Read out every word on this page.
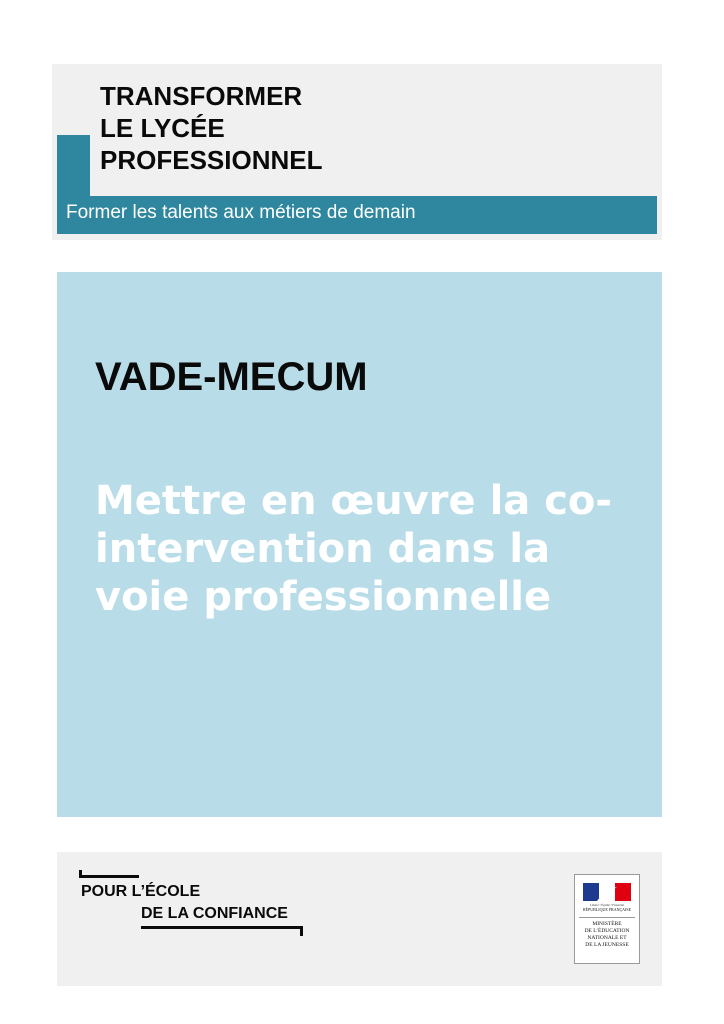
TRANSFORMER
LE LYCÉE
PROFESSIONNEL
Former les talents aux métiers de demain
VADE-MECUM
Mettre en œuvre la co-
intervention dans la
voie professionnelle
POUR L’ÉCOLE
DE LA CONFIANCE	Liberté • Égalité • Fraternité
RÉPUBLIQUE FRANÇAISE
MINISTÈRE
DE L’ÉDUCATION
NATIONALE ET
DE LA JEUNESSE
